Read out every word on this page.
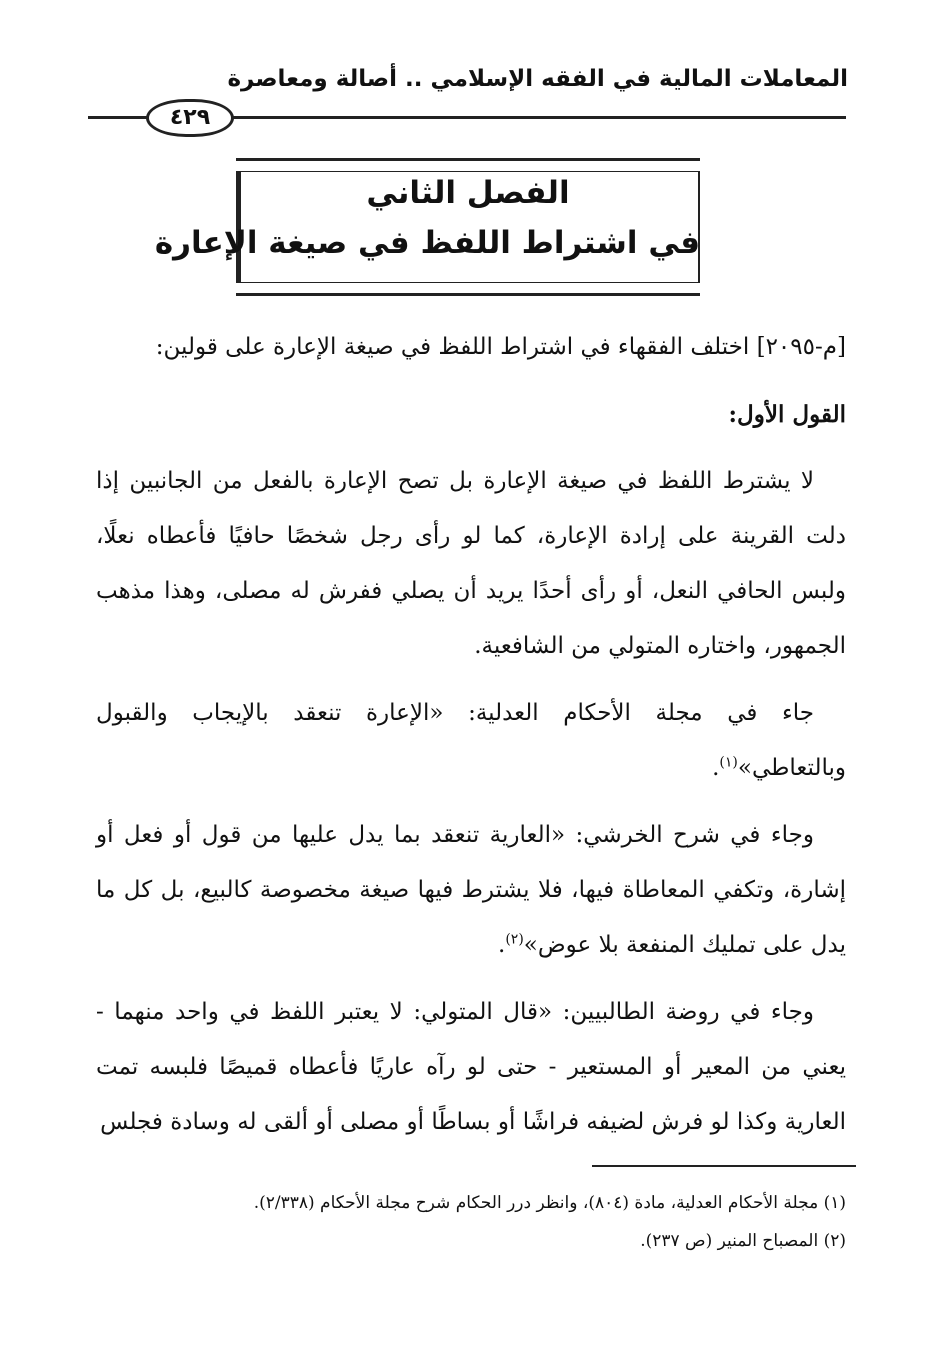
المعاملات المالية في الفقه الإسلامي .. أصالة ومعاصرة
٤٢٩
الفصل الثاني
في اشتراط اللفظ في صيغة الإعارة

[م-٢٠٩٥] اختلف الفقهاء في اشتراط اللفظ في صيغة الإعارة على قولين:

القول الأول:

لا يشترط اللفظ في صيغة الإعارة بل تصح الإعارة بالفعل من الجانبين إذا دلت القرينة على إرادة الإعارة، كما لو رأى رجل شخصًا حافيًا فأعطاه نعلًا، ولبس الحافي النعل، أو رأى أحدًا يريد أن يصلي ففرش له مصلى، وهذا مذهب الجمهور، واختاره المتولي من الشافعية.

جاء في مجلة الأحكام العدلية: «الإعارة تنعقد بالإيجاب والقبول وبالتعاطي»$^{(١)}$.

وجاء في شرح الخرشي: «العارية تنعقد بما يدل عليها من قول أو فعل أو إشارة، وتكفي المعاطاة فيها، فلا يشترط فيها صيغة مخصوصة كالبيع، بل كل ما يدل على تمليك المنفعة بلا عوض»$^{(٢)}$.

وجاء في روضة الطالبيين: «قال المتولي: لا يعتبر اللفظ في واحد منهما - يعني من المعير أو المستعير - حتى لو رآه عاريًا فأعطاه قميصًا فلبسه تمت العارية وكذا لو فرش لضيفه فراشًا أو بساطًا أو مصلى أو ألقى له وسادة فجلس

(١) مجلة الأحكام العدلية، مادة (٨٠٤)، وانظر درر الحكام شرح مجلة الأحكام (٢/٣٣٨).
(٢) المصباح المنير (ص ٢٣٧).
